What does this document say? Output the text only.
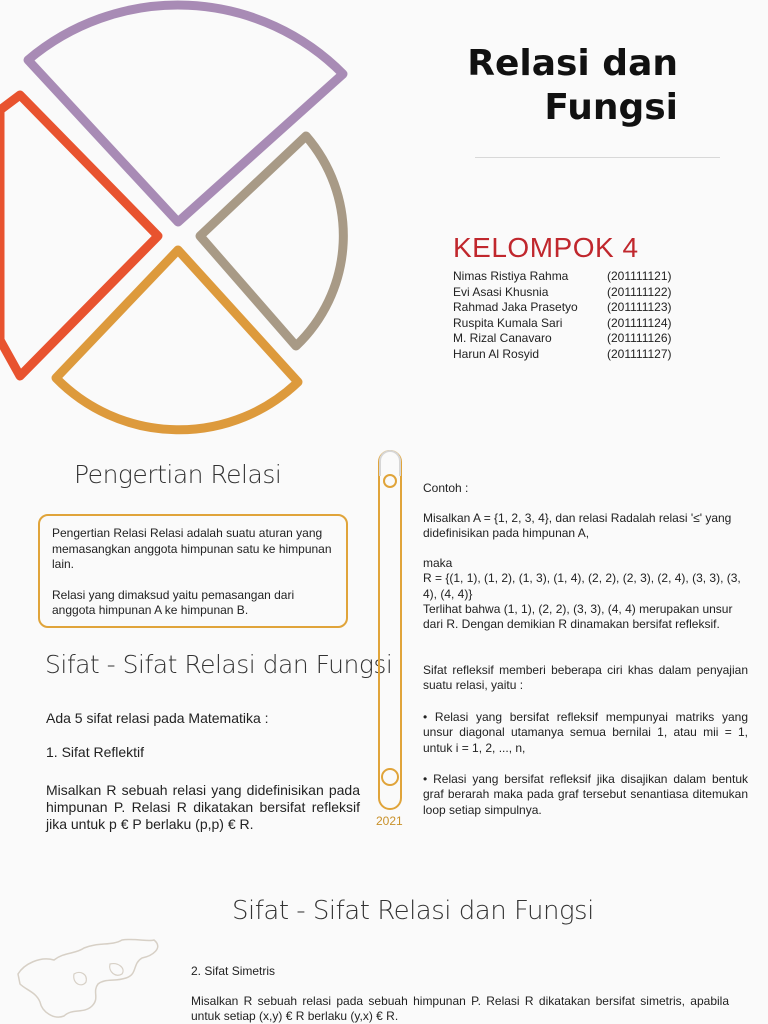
Relasi dan
Fungsi
KELOMPOK 4
Nimas Ristiya Rahma	(201111121)
Evi Asasi Khusnia	(201111122)
Rahmad Jaka Prasetyo	(201111123)
Ruspita Kumala Sari	(201111124)
M. Rizal Canavaro	(201111126)
Harun Al Rosyid	(201111127)
Pengertian Relasi

Pengertian Relasi Relasi adalah suatu aturan yang memasangkan anggota himpunan satu ke himpunan lain.

Relasi yang dimaksud yaitu pemasangan dari anggota himpunan A ke himpunan B.

Sifat - Sifat Relasi dan Fungsi
Ada 5 sifat relasi pada Matematika :
1. Sifat Reflektif
Misalkan R sebuah relasi yang didefinisikan pada himpunan P. Relasi R dikatakan bersifat refleksif jika untuk p € P berlaku (p,p) € R.	2021
Contoh :
Misalkan A = {1, 2, 3, 4}, dan relasi Radalah relasi '≤' yang didefinisikan pada himpunan A,
maka
R = {(1, 1), (1, 2), (1, 3), (1, 4), (2, 2), (2, 3), (2, 4), (3, 3), (3, 4), (4, 4)}
Terlihat bahwa (1, 1), (2, 2), (3, 3), (4, 4) merupakan unsur dari R. Dengan demikian R dinamakan bersifat refleksif.
Sifat refleksif memberi beberapa ciri khas dalam penyajian suatu relasi, yaitu :
• Relasi yang bersifat refleksif mempunyai matriks yang unsur diagonal utamanya semua bernilai 1, atau mii = 1, untuk i = 1, 2, ..., n,
• Relasi yang bersifat refleksif jika disajikan dalam bentuk graf berarah maka pada graf tersebut senantiasa ditemukan loop setiap simpulnya.
Sifat - Sifat Relasi dan Fungsi
2. Sifat Simetris
Misalkan R sebuah relasi pada sebuah himpunan P. Relasi R dikatakan bersifat simetris, apabila untuk setiap (x,y) € R berlaku (y,x) € R.
